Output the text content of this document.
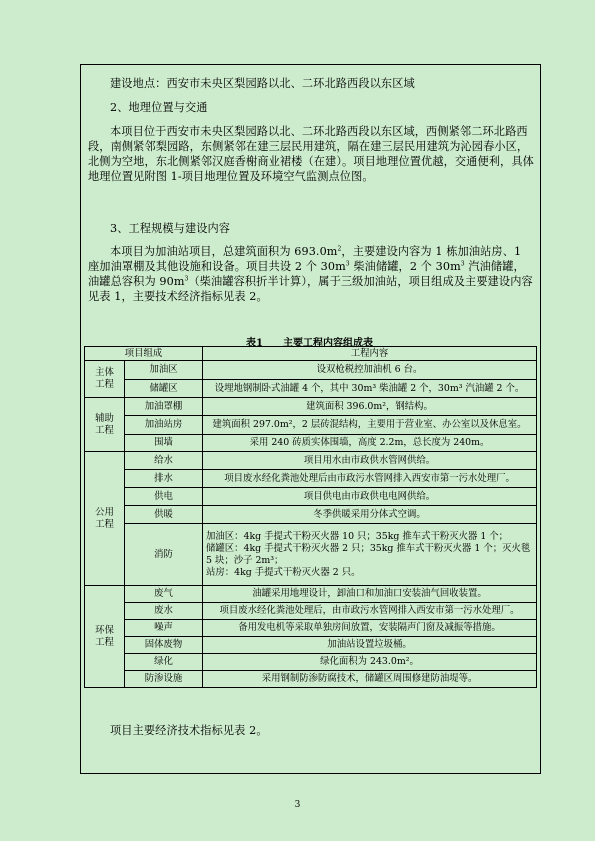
建设地点：西安市未央区梨园路以北、二环北路西段以东区域
2、地理位置与交通
本项目位于西安市未央区梨园路以北、二环北路西段以东区域，西侧紧邻二环北路西段，南侧紧邻梨园路，东侧紧邻在建三层民用建筑，隔在建三层民用建筑为沁园春小区，北侧为空地，东北侧紧邻汉庭香榭商业裙楼（在建）。项目地理位置优越，交通便利，具体地理位置见附图 1-项目地理位置及环境空气监测点位图。
3、工程规模与建设内容
本项目为加油站项目，总建筑面积为 $693.0m^2$，主要建设内容为 1 栋加油站房、1 座加油罩棚及其他设施和设备。项目共设 2 个 $30m^3$ 柴油储罐，2 个 $30m^3$ 汽油储罐，油罐总容积为 $90m^3$（柴油罐容积折半计算），属于三级加油站，项目组成及主要建设内容见表 1，主要技术经济指标见表 2。
表1　　主要工程内容组成表
项目组成		工程内容
主体
工程	加油区	设双枪税控加油机 6 台。
	储罐区	设埋地钢制卧式油罐 4 个，其中 30m³ 柴油罐 2 个，30m³ 汽油罐 2 个。
辅助
工程	加油罩棚	建筑面积 396.0m²，钢结构。
	加油站房	建筑面积 297.0m²，2 层砖混结构，主要用于营业室、办公室以及休息室。
	围墙	采用 240 砖质实体围墙，高度 2.2m，总长度为 240m。
公用
工程	给水	项目用水由市政供水管网供给。
	排水	项目废水经化粪池处理后由市政污水管网排入西安市第一污水处理厂。
	供电	项目供电由市政供电电网供给。
	供暖	冬季供暖采用分体式空调。
	消防	加油区：4kg 手提式干粉灭火器 10 只；35kg 推车式干粉灭火器 1 个；
储罐区：4kg 手提式干粉灭火器 2 只；35kg 推车式干粉灭火器 1 个；灭火毯 5 块；沙子 2m³；
站房：4kg 手提式干粉灭火器 2 只。
环保
工程	废气	油罐采用地埋设计，卸油口和加油口安装油气回收装置。
	废水	项目废水经化粪池处理后，由市政污水管网排入西安市第一污水处理厂。
	噪声	备用发电机等采取单独房间放置，安装隔声门窗及减振等措施。
	固体废物	加油站设置垃圾桶。
	绿化	绿化面积为 243.0m²。
	防渗设施	采用钢制防渗防腐技术，储罐区周围修建防油堤等。
项目主要经济技术指标见表 2。
3
